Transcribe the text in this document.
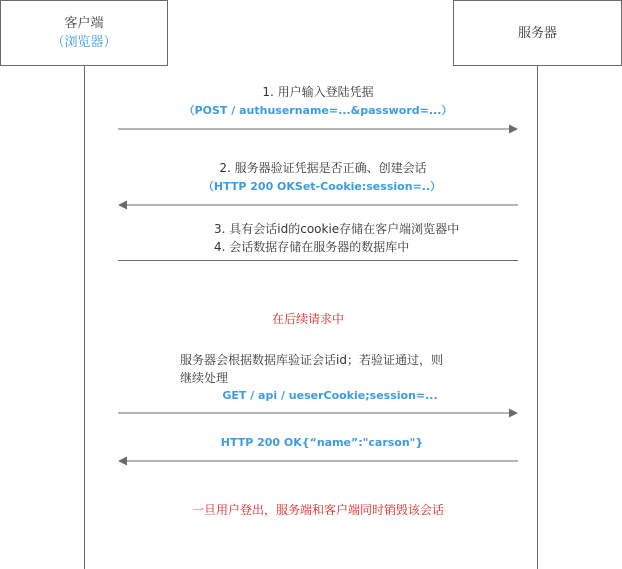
客户端
（浏览器）
服务器
1. 用户输入登陆凭据
（POST / authusername=...&password=...）
2. 服务器验证凭据是否正确、创建会话
（HTTP 200 OKSet-Cookie:session=..）
3. 具有会话id的cookie存储在客户端浏览器中
4. 会话数据存储在服务器的数据库中
在后续请求中
服务器会根据数据库验证会话id；若验证通过，则继续处理
GET / api / ueserCookie;session=...
HTTP 200 OK{“name”:"carson"}
一旦用户登出，服务端和客户端同时销毁该会话
